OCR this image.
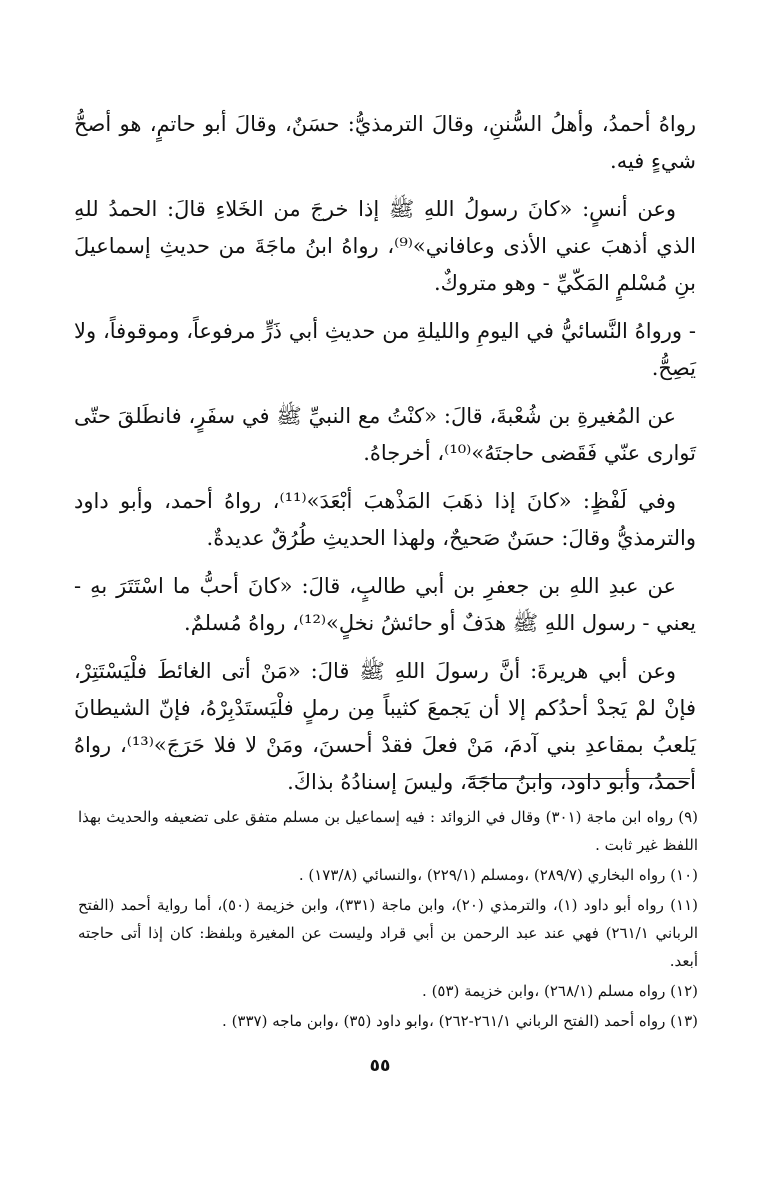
رواهُ أحمدُ، وأهلُ السُّننِ، وقالَ الترمذيُّ: حسَنٌ، وقالَ أبو حاتمٍ، هو أصحُّ شيءٍ فيه.

وعن أنسٍ: «كانَ رسولُ اللهِ ﷺ إذا خرجَ من الخَلاءِ قالَ: الحمدُ للهِ الذي أذهبَ عني الأذى وعافاني»⁽⁹⁾، رواهُ ابنُ ماجَةَ من حديثِ إسماعيلَ بنِ مُسْلمٍ المَكّيِّ - وهو متروكٌ.

- ورواهُ النَّسائيُّ في اليومِ والليلةِ من حديثِ أبي ذَرٍّ مرفوعاً، وموقوفاً، ولا يَصِحُّ.

عن المُغيرةِ بن شُعْبةَ، قالَ: «كنْتُ مع النبيِّ ﷺ في سفَرٍ، فانطَلقَ حتّى تَوارى عنّي فَقَضى حاجتَهُ»⁽¹⁰⁾، أخرجاهُ.

وفي لَفْظٍ: «كانَ إذا ذهَبَ المَذْهبَ أبْعَدَ»⁽¹¹⁾، رواهُ أحمد، وأبو داود والترمذيُّ وقالَ: حسَنٌ صَحيحٌ، ولهذا الحديثِ طُرُقٌ عديدةٌ.

عن عبدِ اللهِ بن جعفرِ بن أبي طالبٍ، قالَ: «كانَ أحبُّ ما اسْتَتَرَ بهِ - يعني - رسول اللهِ ﷺ هدَفٌ أو حائشُ نخلٍ»⁽¹²⁾، رواهُ مُسلمٌ.

وعن أبي هريرةَ: أنَّ رسولَ اللهِ ﷺ قالَ: «مَنْ أتى الغائطَ فلْيَسْتَتِرْ، فإنْ لمْ يَجدْ أحدُكم إلا أن يَجمعَ كثيباً مِن رملٍ فلْيَستَدْبِرْهُ، فإنّ الشيطانَ يَلعبُ بمقاعدِ بني آدمَ، مَنْ فعلَ فقدْ أحسنَ، ومَنْ لا فلا حَرَجَ»⁽¹³⁾، رواهُ أحمدُ، وأبو داود، وابنُ ماجَةَ، وليسَ إسنادُهُ بذاكَ.

(٩) رواه ابن ماجة (٣٠١) وقال في الزوائد : فيه إسماعيل بن مسلم متفق على تضعيفه والحديث بهذا اللفظ غير ثابت .

(١٠) رواه البخاري (٢٨٩/٧) ،ومسلم (٢٢٩/١) ،والنسائي (١٧٣/٨) .

(١١) رواه أبو داود (١)، والترمذي (٢٠)، وابن ماجة (٣٣١)، وابن خزيمة (٥٠)، أما رواية أحمد (الفتح الرباني ٢٦١/١) فهي عند عبد الرحمن بن أبي قراد وليست عن المغيرة وبلفظ: كان إذا أتى حاجته أبعد.

(١٢) رواه مسلم (٢٦٨/١) ،وابن خزيمة (٥٣) .

(١٣) رواه أحمد (الفتح الرباني ٢٦١/١-٢٦٢) ،وابو داود (٣٥) ،وابن ماجه (٣٣٧) .

٥٥
